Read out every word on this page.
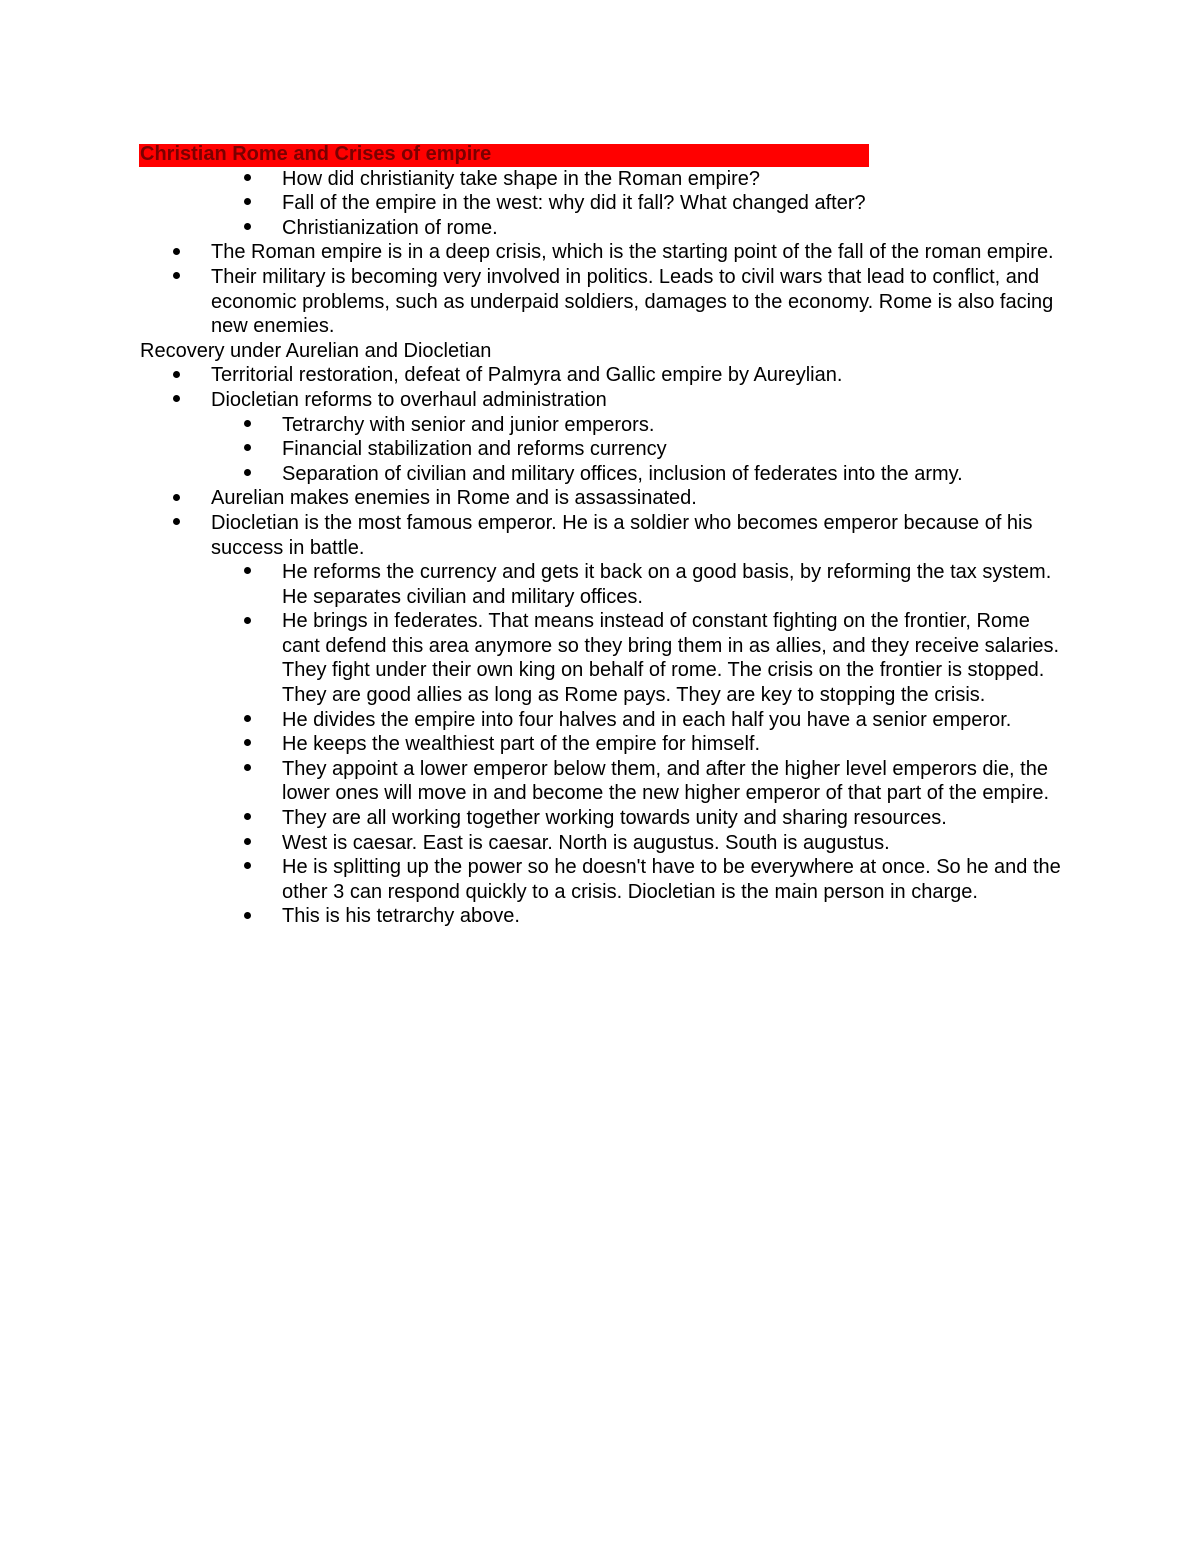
Christian Rome and Crises of empire
How did christianity take shape in the Roman empire?
Fall of the empire in the west: why did it fall? What changed after?
Christianization of rome.
The Roman empire is in a deep crisis, which is the starting point of the fall of the roman empire.
Their military is becoming very involved in politics. Leads to civil wars that lead to conflict, and economic problems, such as underpaid soldiers, damages to the economy. Rome is also facing new enemies.
Recovery under Aurelian and Diocletian
Territorial restoration, defeat of Palmyra and Gallic empire by Aureylian.
Diocletian reforms to overhaul administration
Tetrarchy with senior and junior emperors.
Financial stabilization and reforms currency
Separation of civilian and military offices, inclusion of federates into the army.
Aurelian makes enemies in Rome and is assassinated.
Diocletian is the most famous emperor. He is a soldier who becomes emperor because of his success in battle.
He reforms the currency and gets it back on a good basis, by reforming the tax system. He separates civilian and military offices.
He brings in federates. That means instead of constant fighting on the frontier, Rome cant defend this area anymore so they bring them in as allies, and they receive salaries. They fight under their own king on behalf of rome. The crisis on the frontier is stopped. They are good allies as long as Rome pays. They are key to stopping the crisis.
He divides the empire into four halves and in each half you have a senior emperor.
He keeps the wealthiest part of the empire for himself.
They appoint a lower emperor below them, and after the higher level emperors die, the lower ones will move in and become the new higher emperor of that part of the empire.
They are all working together working towards unity and sharing resources.
West is caesar. East is caesar. North is augustus. South is augustus.
He is splitting up the power so he doesn't have to be everywhere at once. So he and the other 3 can respond quickly to a crisis. Diocletian is the main person in charge.
This is his tetrarchy above.
